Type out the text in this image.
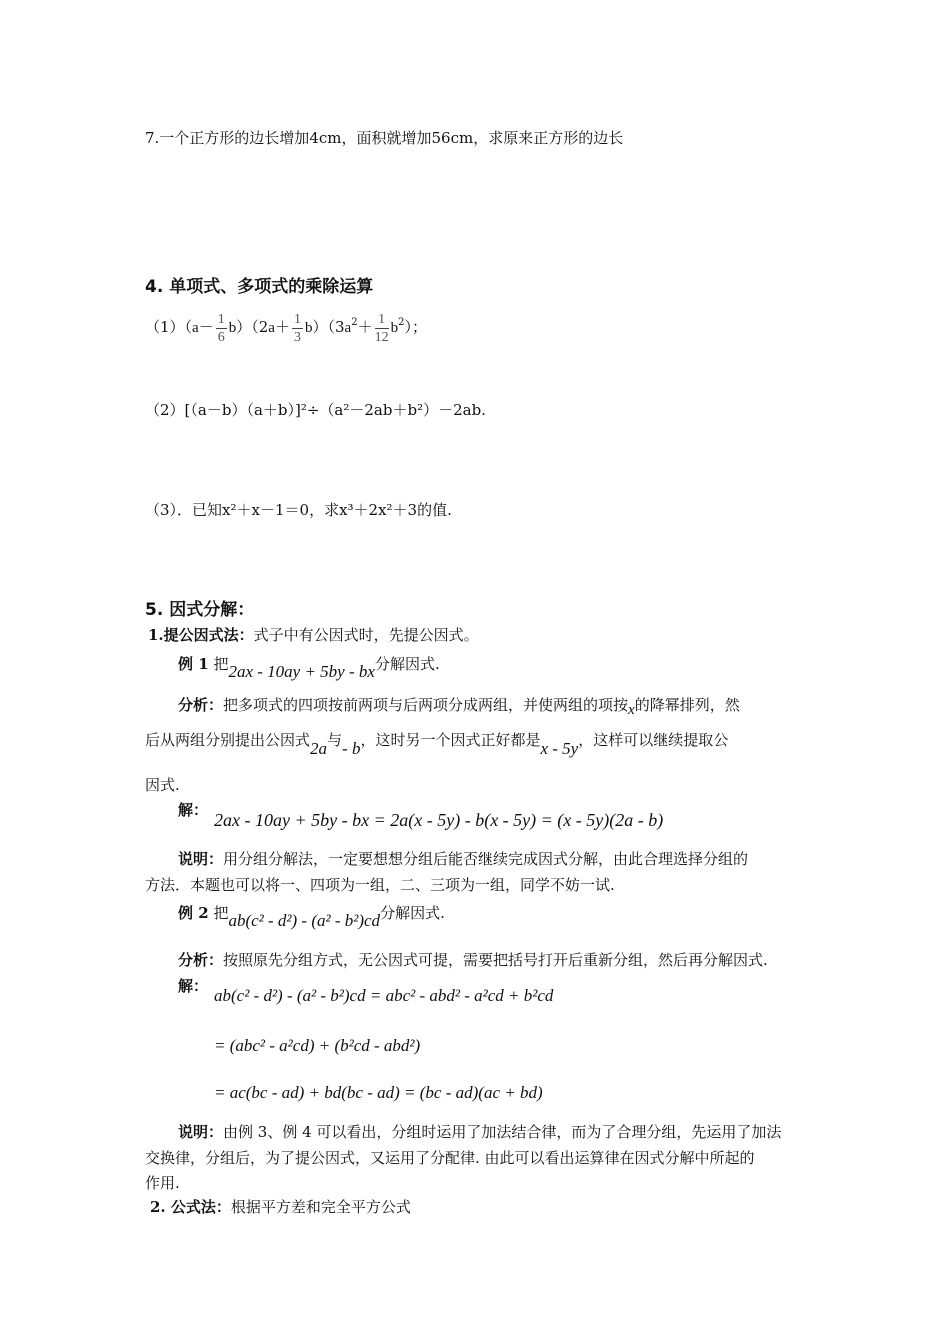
7.一个正方形的边长增加4cm，面积就增加56cm，求原来正方形的边长
4. 单项式、多项式的乘除运算
$(1)(a- \frac{1}{6} b)(2a+ \frac{1}{3} b)(3a^2+ \frac{1}{12} b^2)$；
（2）[（a－b）（a＋b）]²÷（a²－2ab＋b²）－2ab.
（3）．已知x²＋x－1＝0，求x³＋2x²＋3的值.
5. 因式分解：
1.提公因式法：式子中有公因式时，先提公因式。
例 1 把2ax - 10ay + 5by - bx分解因式.
分析：把多项式的四项按前两项与后两项分成两组，并使两组的项按x的降幂排列，然
后从两组分别提出公因式2a与- b，这时另一个因式正好都是x - 5y，这样可以继续提取公
因式.
解： 2ax - 10ay + 5by - bx = 2a(x - 5y) - b(x - 5y) = (x - 5y)(2a - b)
说明：用分组分解法，一定要想想分组后能否继续完成因式分解，由此合理选择分组的
方法．本题也可以将一、四项为一组，二、三项为一组，同学不妨一试.
例 2 把ab(c² - d²) - (a² - b²)cd分解因式.
分析：按照原先分组方式，无公因式可提，需要把括号打开后重新分组，然后再分解因式.
解： ab(c² - d²) - (a² - b²)cd = abc² - abd² - a²cd + b²cd
= (abc² - a²cd) + (b²cd - abd²)
= ac(bc - ad) + bd(bc - ad) = (bc - ad)(ac + bd)
说明：由例 3、例 4 可以看出，分组时运用了加法结合律，而为了合理分组，先运用了加法
交换律，分组后，为了提公因式，又运用了分配律. 由此可以看出运算律在因式分解中所起的
作用.
2. 公式法：根据平方差和完全平方公式
